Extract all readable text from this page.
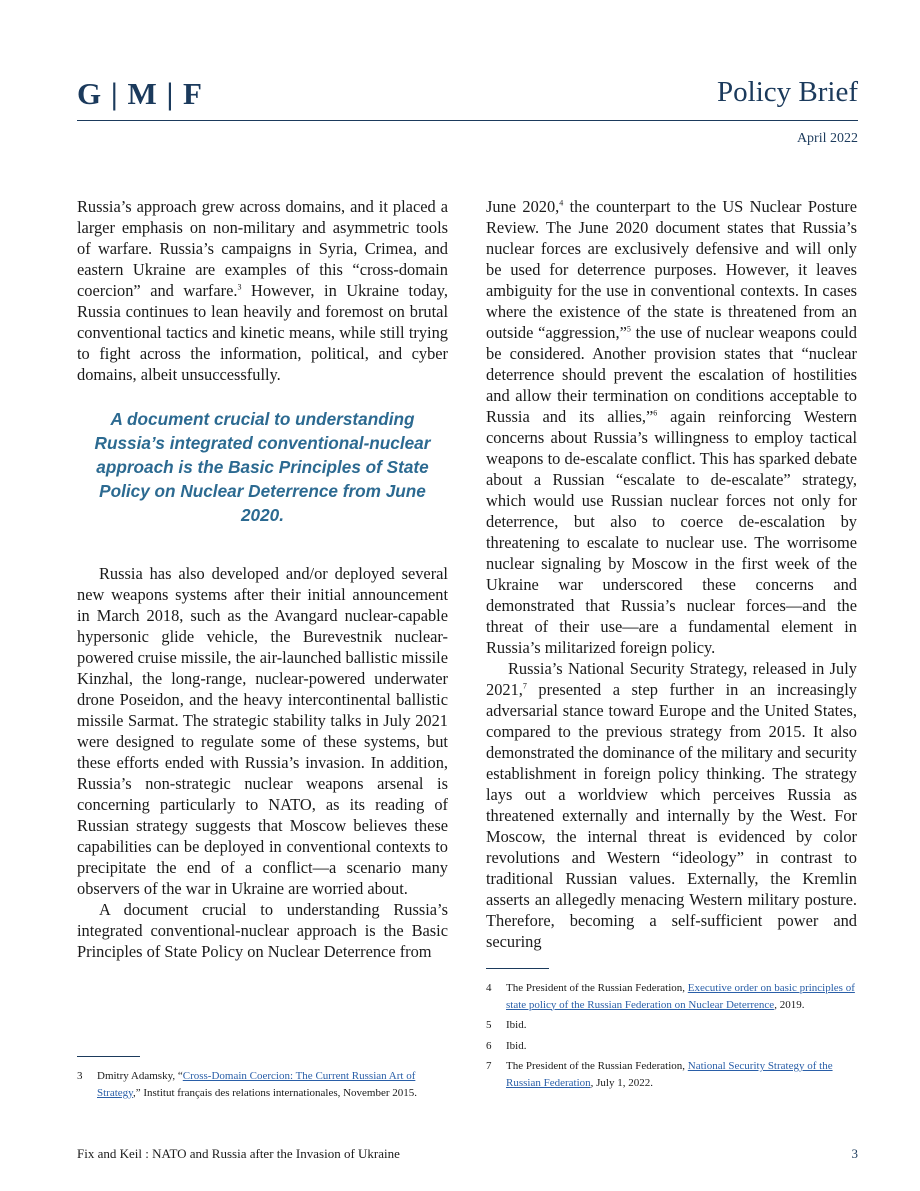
G | M | F	Policy Brief
April 2022

Russia’s approach grew across domains, and it placed a larger emphasis on non-military and asymmetric tools of warfare. Russia’s campaigns in Syria, Crimea, and eastern Ukraine are examples of this “cross-domain coercion” and warfare.$^3$ However, in Ukraine today, Russia continues to lean heavily and foremost on brutal conventional tactics and kinetic means, while still trying to fight across the information, political, and cyber domains, albeit unsuccessfully.

A document crucial to understanding Russia’s integrated conventional-nuclear approach is the Basic Principles of State Policy on Nuclear Deterrence from June 2020.

Russia has also developed and/or deployed several new weapons systems after their initial announcement in March 2018, such as the Avangard nuclear-capable hypersonic glide vehicle, the Burevestnik nuclear-powered cruise missile, the air-launched ballistic missile Kinzhal, the long-range, nuclear-powered underwater drone Poseidon, and the heavy intercontinental ballistic missile Sarmat. The strategic stability talks in July 2021 were designed to regulate some of these systems, but these efforts ended with Russia’s invasion. In addition, Russia’s non-strategic nuclear weapons arsenal is concerning particularly to NATO, as its reading of Russian strategy suggests that Moscow believes these capabilities can be deployed in conventional contexts to precipitate the end of a conflict—a scenario many observers of the war in Ukraine are worried about.

A document crucial to understanding Russia’s integrated conventional-nuclear approach is the Basic Principles of State Policy on Nuclear Deterrence from

June 2020,$^4$ the counterpart to the US Nuclear Posture Review. The June 2020 document states that Russia’s nuclear forces are exclusively defensive and will only be used for deterrence purposes. However, it leaves ambiguity for the use in conventional contexts. In cases where the existence of the state is threatened from an outside “aggression,”$^5$ the use of nuclear weapons could be considered. Another provision states that “nuclear deterrence should prevent the escalation of hostilities and allow their termination on conditions acceptable to Russia and its allies,”$^6$ again reinforcing Western concerns about Russia’s willingness to employ tactical weapons to de-escalate conflict. This has sparked debate about a Russian “escalate to de-escalate” strategy, which would use Russian nuclear forces not only for deterrence, but also to coerce de-escalation by threatening to escalate to nuclear use. The worrisome nuclear signaling by Moscow in the first week of the Ukraine war underscored these concerns and demonstrated that Russia’s nuclear forces—and the threat of their use—are a fundamental element in Russia’s militarized foreign policy.

Russia’s National Security Strategy, released in July 2021,$^7$ presented a step further in an increasingly adversarial stance toward Europe and the United States, compared to the previous strategy from 2015. It also demonstrated the dominance of the military and security establishment in foreign policy thinking. The strategy lays out a worldview which perceives Russia as threatened externally and internally by the West. For Moscow, the internal threat is evidenced by color revolutions and Western “ideology” in contrast to traditional Russian values. Externally, the Kremlin asserts an allegedly menacing Western military posture. Therefore, becoming a self-sufficient power and securing

3 Dmitry Adamsky, “Cross-Domain Coercion: The Current Russian Art of Strategy,” Institut français des relations internationales, November 2015.
4 The President of the Russian Federation, Executive order on basic principles of state policy of the Russian Federation on Nuclear Deterrence, 2019.
5 Ibid.
6 Ibid.
7 The President of the Russian Federation, National Security Strategy of the Russian Federation, July 1, 2022.
Fix and Keil : NATO and Russia after the Invasion of Ukraine	3
